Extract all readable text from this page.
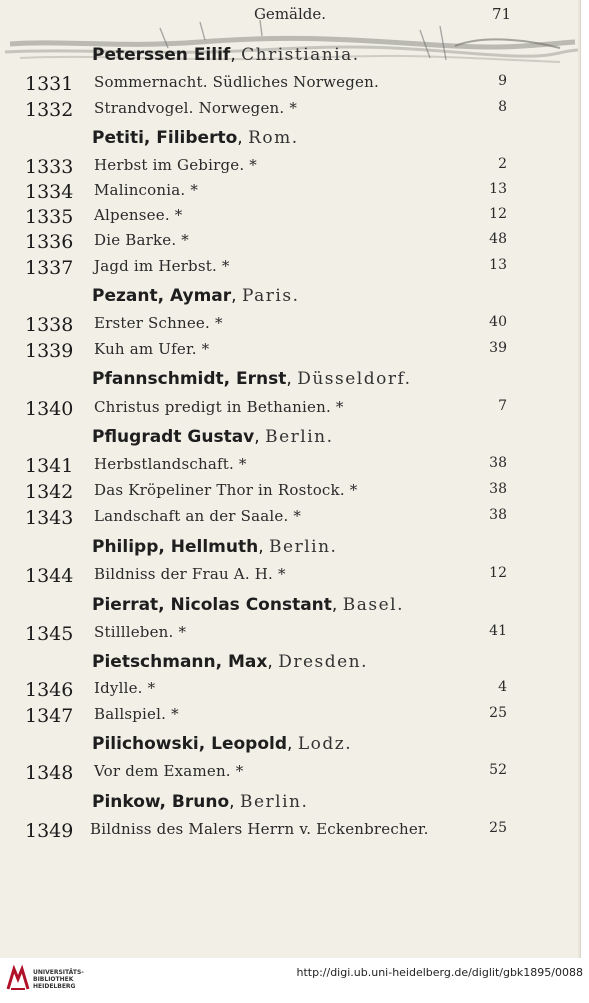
Gemälde.	71
Peterssen Eilif, Christiania.
1331 Sommernacht. Südliches Norwegen.	9
1332 Strandvogel. Norwegen. *	8
Petiti, Filiberto, Rom.
1333 Herbst im Gebirge. *	2
1334 Malinconia. *	13
1335 Alpensee. *	12
1336 Die Barke. *	48
1337 Jagd im Herbst. *	13
Pezant, Aymar, Paris.
1338 Erster Schnee. *	40
1339 Kuh am Ufer. *	39
Pfannschmidt, Ernst, Düsseldorf.
1340 Christus predigt in Bethanien. *	7
Pflugradt Gustav, Berlin.
1341 Herbstlandschaft. *	38
1342 Das Kröpeliner Thor in Rostock. *	38
1343 Landschaft an der Saale. *	38
Philipp, Hellmuth, Berlin.
1344 Bildniss der Frau A. H. *	12
Pierrat, Nicolas Constant, Basel.
1345 Stillleben. *	41
Pietschmann, Max, Dresden.
1346 Idylle. *	4
1347 Ballspiel. *	25
Pilichowski, Leopold, Lodz.
1348 Vor dem Examen. *	52
Pinkow, Bruno, Berlin.
1349 Bildniss des Malers Herrn v. Eckenbrecher.	25
UNIVERSITÄTS-
BIBLIOTHEK
HEIDELBERG
http://digi.ub.uni-heidelberg.de/diglit/gbk1895/0088
